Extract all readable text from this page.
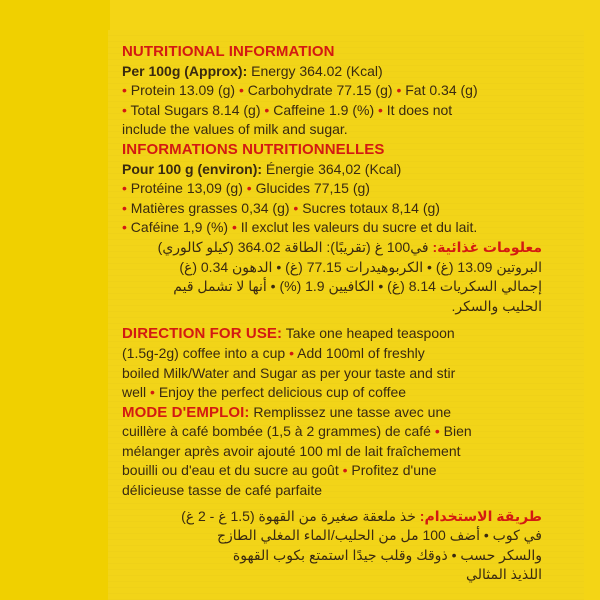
NUTRITIONAL INFORMATION
Per 100g (Approx): Energy 364.02 (Kcal)
• Protein 13.09 (g) • Carbohydrate 77.15 (g) • Fat 0.34 (g)
• Total Sugars 8.14 (g) • Caffeine 1.9 (%) • It does not
include the values of milk and sugar.
INFORMATIONS NUTRITIONNELLES
Pour 100 g (environ): Énergie 364,02 (Kcal)
• Protéine 13,09 (g) • Glucides 77,15 (g)
• Matières grasses 0,34 (g) • Sucres totaux 8,14 (g)
• Caféine 1,9 (%) • Il exclut les valeurs du sucre et du lait.
معلومات غذائية: في100 غ (تقريبًا): الطاقة 364.02 (كيلو كالوري)
البروتين 13.09 (غ) • الكربوهيدرات 77.15 (غ) • الدهون 0.34 (غ)
إجمالي السكريات 8.14 (غ) • الكافيين 1.9 (%) • أنها لا تشمل قيم
الحليب والسكر.
DIRECTION FOR USE: Take one heaped teaspoon
(1.5g-2g) coffee into a cup • Add 100ml of freshly
boiled Milk/Water and Sugar as per your taste and stir
well • Enjoy the perfect delicious cup of coffee
MODE D'EMPLOI: Remplissez une tasse avec une
cuillère à café bombée (1,5 à 2 grammes) de café • Bien
mélanger après avoir ajouté 100 ml de lait fraîchement
bouilli ou d'eau et du sucre au goût • Profitez d'une
délicieuse tasse de café parfaite
طريقة الاستخدام: خذ ملعقة صغيرة من القهوة (1.5 غ - 2 غ)
في كوب • أضف 100 مل من الحليب/الماء المغلي الطازج
والسكر حسب • ذوقك وقلب جيدًا استمتع بكوب القهوة
اللذيذ المثالي
